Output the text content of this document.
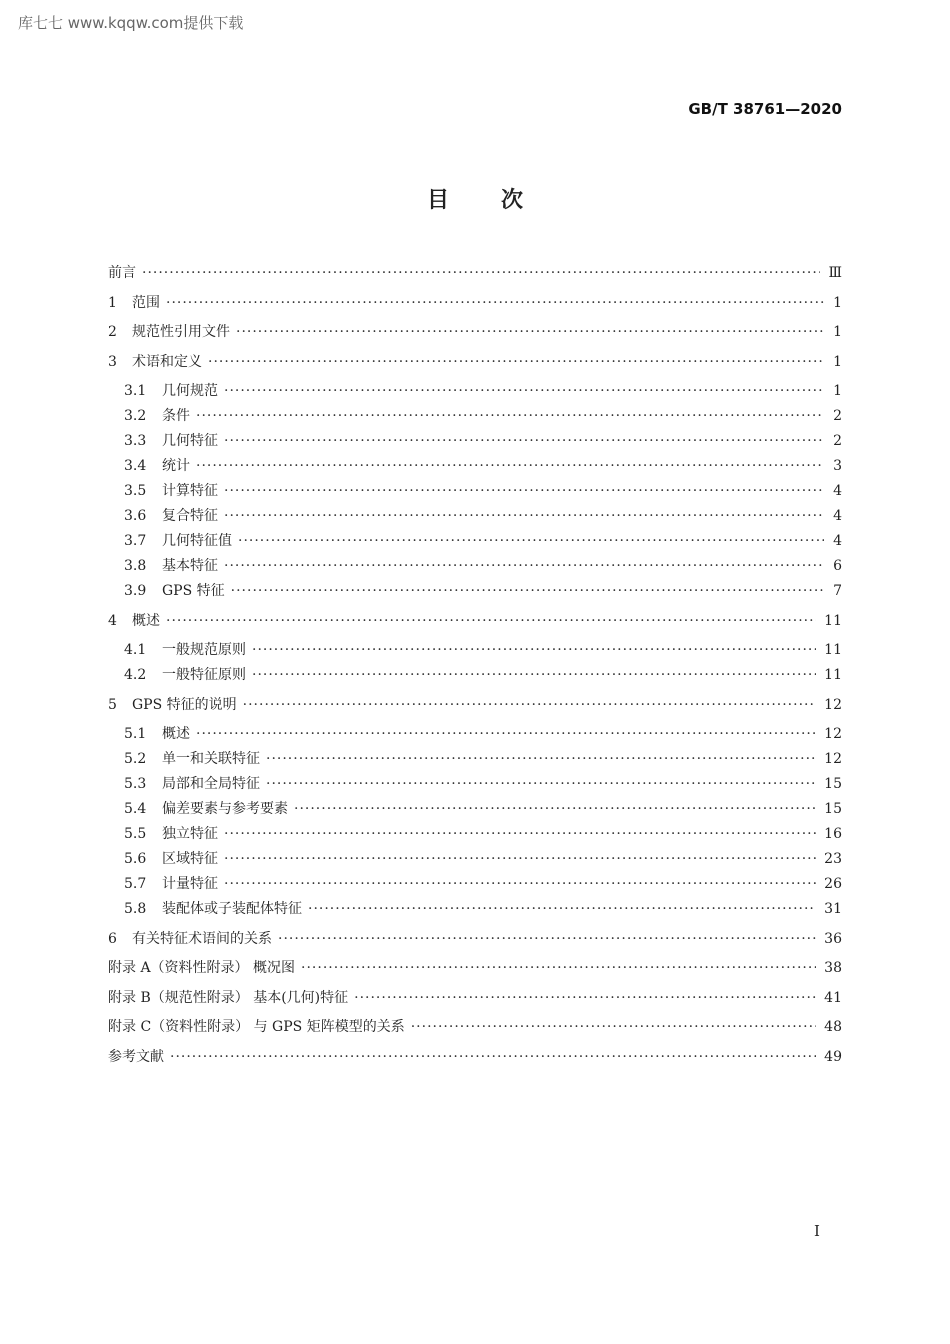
库七七 www.kqqw.com提供下载
GB/T 38761—2020
目次
前言 ·····	Ⅲ
1	范围 ·····	1
2	规范性引用文件 ·····	1
3	术语和定义 ·····	1
3.1	几何规范 ·····	1
3.2	条件 ·····	2
3.3	几何特征 ·····	2
3.4	统计 ·····	3
3.5	计算特征 ·····	4
3.6	复合特征 ·····	4
3.7	几何特征值 ·····	4
3.8	基本特征 ·····	6
3.9	GPS 特征 ·····	7
4	概述 ·····	11
4.1	一般规范原则 ·····	11
4.2	一般特征原则 ·····	11
5	GPS 特征的说明 ·····	12
5.1	概述 ·····	12
5.2	单一和关联特征 ·····	12
5.3	局部和全局特征 ·····	15
5.4	偏差要素与参考要素 ·····	15
5.5	独立特征 ·····	16
5.6	区域特征 ·····	23
5.7	计量特征 ·····	26
5.8	装配体或子装配体特征 ·····	31
6	有关特征术语间的关系 ·····	36
附录 A（资料性附录） 概况图 ·····	38
附录 B（规范性附录） 基本(几何)特征 ·····	41
附录 C（资料性附录） 与 GPS 矩阵模型的关系 ·····	48
参考文献 ·····	49
I
